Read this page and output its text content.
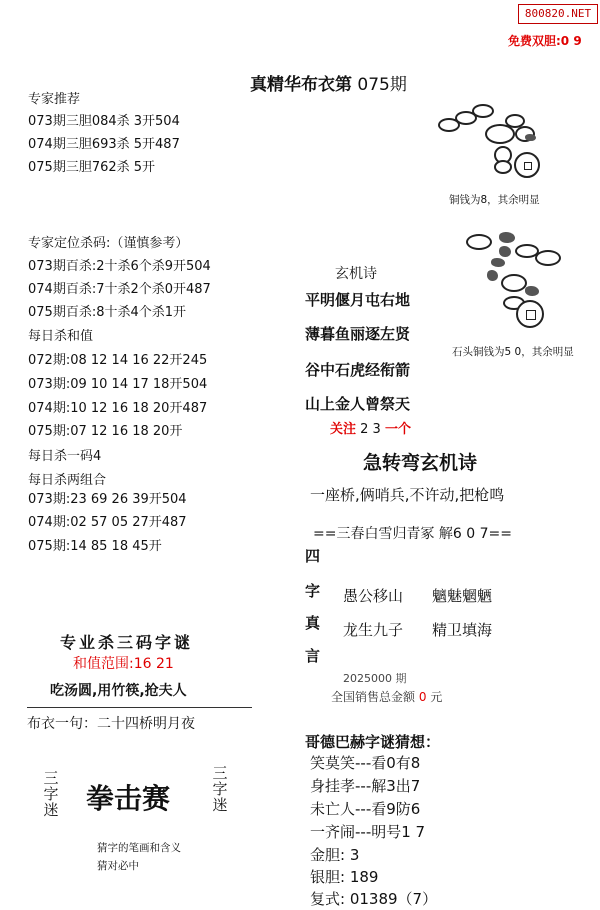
800820.NET
免费双胆:0 9
真精华布衣第 075期
专家推荐
073期三胆084杀 3开504
074期三胆693杀 5开487
075期三胆762杀 5开
专家定位杀码:（谨慎参考）
073期百杀:2十杀6个杀9开504
074期百杀:7十杀2个杀0开487
075期百杀:8十杀4个杀1开
每日杀和值
072期:08 12 14 16 22开245
073期:09 10 14 17 18开504
074期:10 12 16 18 20开487
075期:07 12 16 18 20开
每日杀一码4
每日杀两组合
073期:23 69 26 39开504
074期:02 57 05 27开487
075期:14 85 18 45开
专业杀三码字谜
和值范围:16 21
吃汤圆,用竹筷,抢夫人
布衣一句：二十四桥明月夜
三字迷 拳击赛
三字迷
猜字的笔画和含义
猜对必中
铜钱为8，其余明显
石头铜钱为5 0，其余明显
玄机诗
平明偃月屯右地
薄暮鱼丽逐左贤
谷中石虎经衔箭
山上金人曾祭天
关注 2 3 一个
急转弯玄机诗
一座桥,俩哨兵,不许动,把枪鸣
==三春白雪归青冢 解6 0 7==
四
字
真
言
愚公移山 魑魅魍魉
龙生九子 精卫填海
2025000 期
全国销售总金额 0 元
哥德巴赫字谜猜想：
笑莫笑---看0有8
身挂孝---解3出7
未亡人---看9防6
一齐闹---明号1 7
金胆: 3
银胆: 189
复式: 01389（7）
